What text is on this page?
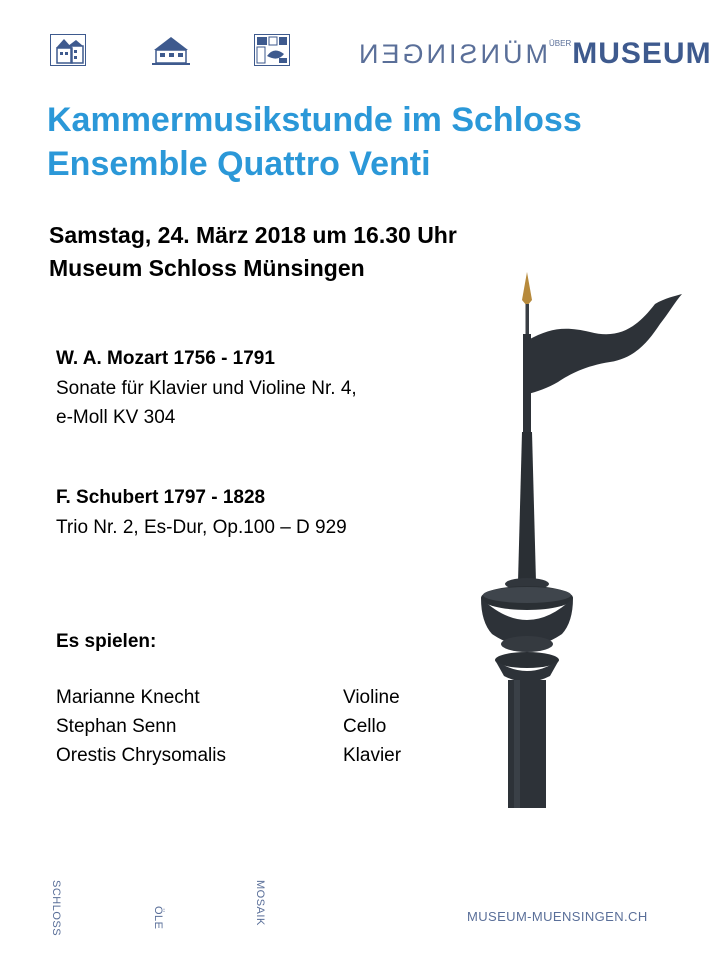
MÜNSINGEN ÜBER MUSEUM
Kammermusikstunde im Schloss
Ensemble Quattro Venti
Samstag, 24. März 2018 um 16.30 Uhr
Museum Schloss Münsingen
W. A. Mozart 1756 - 1791
Sonate für Klavier und Violine Nr. 4,
e-Moll KV 304
F. Schubert 1797 - 1828
Trio Nr. 2, Es-Dur, Op.100 – D 929
Es spielen:
Marianne Knecht	Violine
Stephan Senn	Cello
Orestis Chrysomalis	Klavier
SCHLOSS	ÖLE	MOSAIK	MUSEUM-MUENSINGEN.CH
